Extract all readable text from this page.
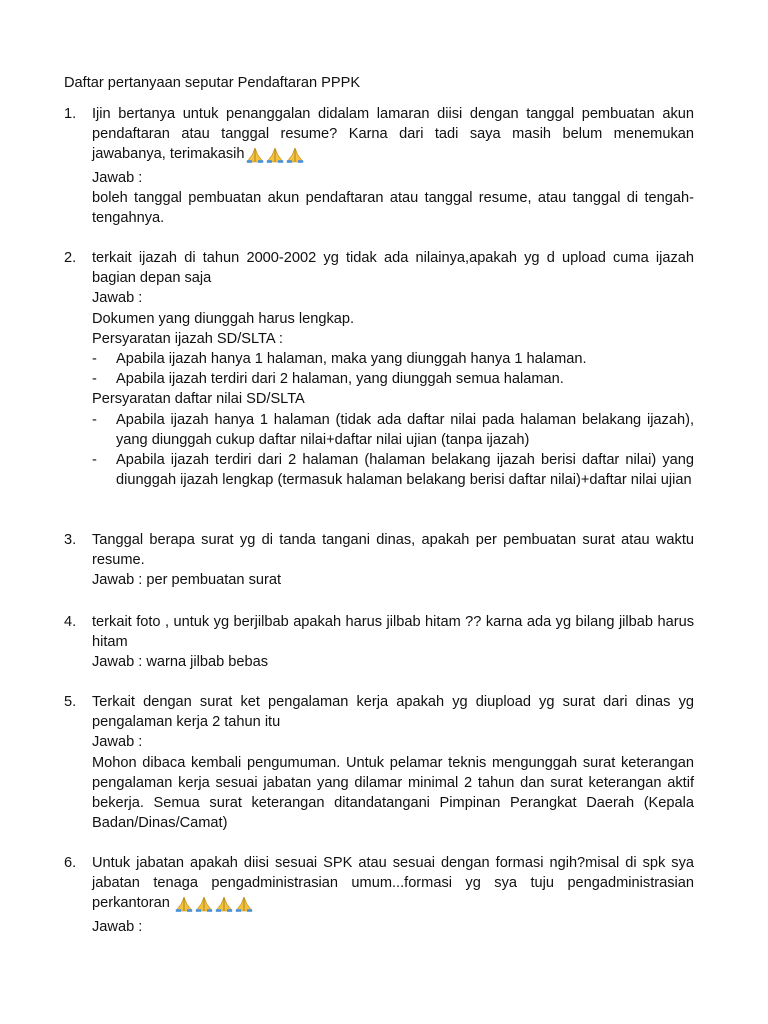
Daftar pertanyaan seputar Pendaftaran PPPK
1. Ijin bertanya untuk penanggalan didalam lamaran diisi dengan tanggal pembuatan akun pendaftaran atau tanggal resume? Karna dari tadi saya masih belum menemukan jawabanya, terimakasih
Jawab :
boleh tanggal pembuatan akun pendaftaran atau tanggal resume, atau tanggal di tengah-tengahnya.
2. terkait ijazah di tahun 2000-2002 yg tidak ada nilainya,apakah yg d upload cuma ijazah bagian depan saja
Jawab :
Dokumen yang diunggah harus lengkap.
Persyaratan ijazah SD/SLTA :
- Apabila ijazah hanya 1 halaman, maka yang diunggah hanya 1 halaman.
- Apabila ijazah terdiri dari 2 halaman, yang diunggah semua halaman.
Persyaratan daftar nilai SD/SLTA
- Apabila ijazah hanya 1 halaman (tidak ada daftar nilai pada halaman belakang ijazah), yang diunggah cukup daftar nilai+daftar nilai ujian (tanpa ijazah)
- Apabila ijazah terdiri dari 2 halaman (halaman belakang ijazah berisi daftar nilai) yang diunggah ijazah lengkap (termasuk halaman belakang berisi daftar nilai)+daftar nilai ujian
3. Tanggal berapa surat yg di tanda tangani dinas, apakah per pembuatan surat atau waktu resume.
Jawab : per pembuatan surat
4. terkait foto , untuk yg berjilbab apakah harus jilbab hitam ?? karna ada yg bilang jilbab harus hitam
Jawab : warna jilbab bebas
5. Terkait dengan surat ket pengalaman kerja apakah yg diupload yg surat dari dinas yg pengalaman kerja 2 tahun itu
Jawab :
Mohon dibaca kembali pengumuman. Untuk pelamar teknis mengunggah surat keterangan pengalaman kerja sesuai jabatan yang dilamar minimal 2 tahun dan surat keterangan aktif bekerja. Semua surat keterangan ditandatangani Pimpinan Perangkat Daerah (Kepala Badan/Dinas/Camat)
6. Untuk jabatan apakah diisi sesuai SPK atau sesuai dengan formasi ngih?misal di spk sya jabatan tenaga pengadministrasian umum...formasi yg sya tuju pengadministrasian perkantoran
Jawab :
